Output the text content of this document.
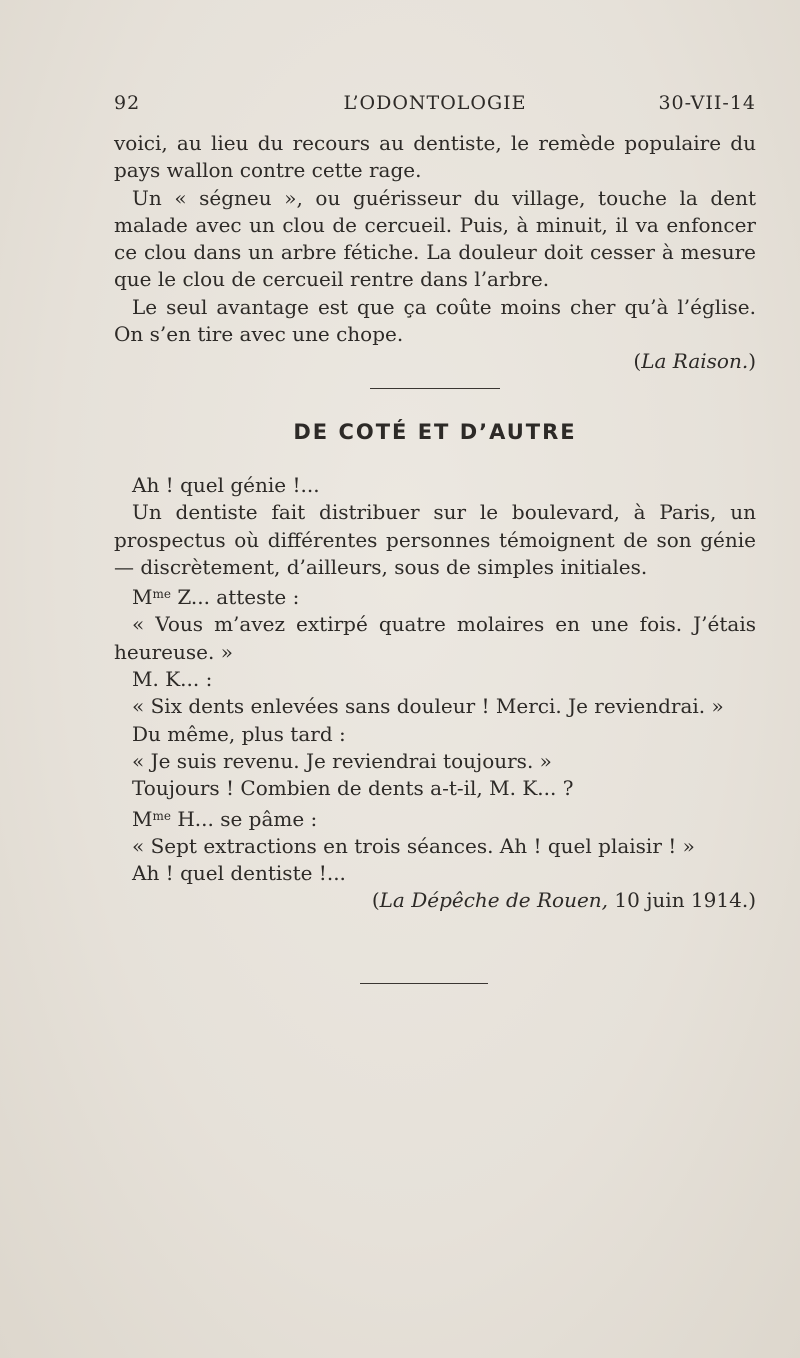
92	L’ODONTOLOGIE	30-VII-14

voici, au lieu du recours au dentiste, le remède populaire du pays wallon contre cette rage.

Un « ségneu », ou guérisseur du village, touche la dent malade avec un clou de cercueil. Puis, à minuit, il va enfoncer ce clou dans un arbre fétiche. La douleur doit cesser à mesure que le clou de cercueil rentre dans l’arbre.

Le seul avantage est que ça coûte moins cher qu’à l’église. On s’en tire avec une chope.

(La Raison.)

DE COTÉ ET D’AUTRE

Ah ! quel génie !...

Un dentiste fait distribuer sur le boulevard, à Paris, un prospectus où différentes personnes témoignent de son génie — discrètement, d’ailleurs, sous de simples initiales.

$M^{me}$ Z... atteste :

« Vous m’avez extirpé quatre molaires en une fois. J’étais heureuse. »

M. K... :

« Six dents enlevées sans douleur ! Merci. Je reviendrai. »

Du même, plus tard :

« Je suis revenu. Je reviendrai toujours. »

Toujours ! Combien de dents a-t-il, M. K... ?

$M^{me}$ H... se pâme :

« Sept extractions en trois séances. Ah ! quel plaisir ! »

Ah ! quel dentiste !...

(La Dépêche de Rouen, 10 juin 1914.)
